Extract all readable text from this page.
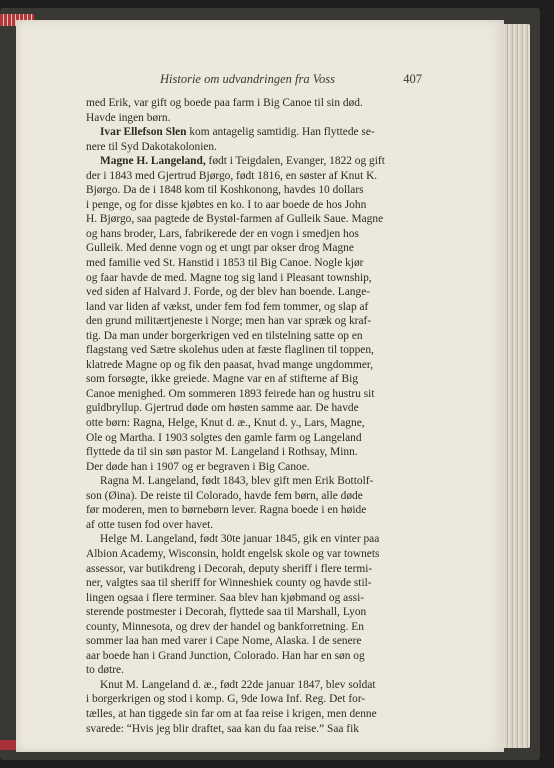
Historie om udvandringen fra Voss	407
med Erik, var gift og boede paa farm i Big Canoe til sin død.
Havde ingen børn.
Ivar Ellefson Slen kom antagelig samtidig. Han flyttede se-
nere til Syd Dakotakolonien.
Magne H. Langeland, født i Teigdalen, Evanger, 1822 og gift
der i 1843 med Gjertrud Bjørgo, født 1816, en søster af Knut K.
Bjørgo. Da de i 1848 kom til Koshkonong, havdes 10 dollars
i penge, og for disse kjøbtes en ko. I to aar boede de hos John
H. Bjørgo, saa pagtede de Bystøl-farmen af Gulleik Saue. Magne
og hans broder, Lars, fabrikerede der en vogn i smedjen hos
Gulleik. Med denne vogn og et ungt par okser drog Magne
med familie ved St. Hanstid i 1853 til Big Canoe. Nogle kjør
og faar havde de med. Magne tog sig land i Pleasant township,
ved siden af Halvard J. Forde, og der blev han boende. Lange-
land var liden af vækst, under fem fod fem tommer, og slap af
den grund militærtjeneste i Norge; men han var spræk og kraf-
tig. Da man under borgerkrigen ved en tilstelning satte op en
flagstang ved Sætre skolehus uden at fæste flaglinen til toppen,
klatrede Magne op og fik den paasat, hvad mange ungdommer,
som forsøgte, ikke greiede. Magne var en af stifterne af Big
Canoe menighed. Om sommeren 1893 feirede han og hustru sit
guldbryllup. Gjertrud døde om høsten samme aar. De havde
otte børn: Ragna, Helge, Knut d. æ., Knut d. y., Lars, Magne,
Ole og Martha. I 1903 solgtes den gamle farm og Langeland
flyttede da til sin søn pastor M. Langeland i Rothsay, Minn.
Der døde han i 1907 og er begraven i Big Canoe.
Ragna M. Langeland, født 1843, blev gift men Erik Bottolf-
son (Øina). De reiste til Colorado, havde fem børn, alle døde
før moderen, men to børnebørn lever. Ragna boede i en høide
af otte tusen fod over havet.
Helge M. Langeland, født 30te januar 1845, gik en vinter paa
Albion Academy, Wisconsin, holdt engelsk skole og var townets
assessor, var butikdreng i Decorah, deputy sheriff i flere termi-
ner, valgtes saa til sheriff for Winneshiek county og havde stil-
lingen ogsaa i flere terminer. Saa blev han kjøbmand og assi-
sterende postmester i Decorah, flyttede saa til Marshall, Lyon
county, Minnesota, og drev der handel og bankforretning. En
sommer laa han med varer i Cape Nome, Alaska. I de senere
aar boede han i Grand Junction, Colorado. Han har en søn og
to døtre.
Knut M. Langeland d. æ., født 22de januar 1847, blev soldat
i borgerkrigen og stod i komp. G, 9de Iowa Inf. Reg. Det for-
tælles, at han tiggede sin far om at faa reise i krigen, men denne
svarede: “Hvis jeg blir draftet, saa kan du faa reise.” Saa fik
